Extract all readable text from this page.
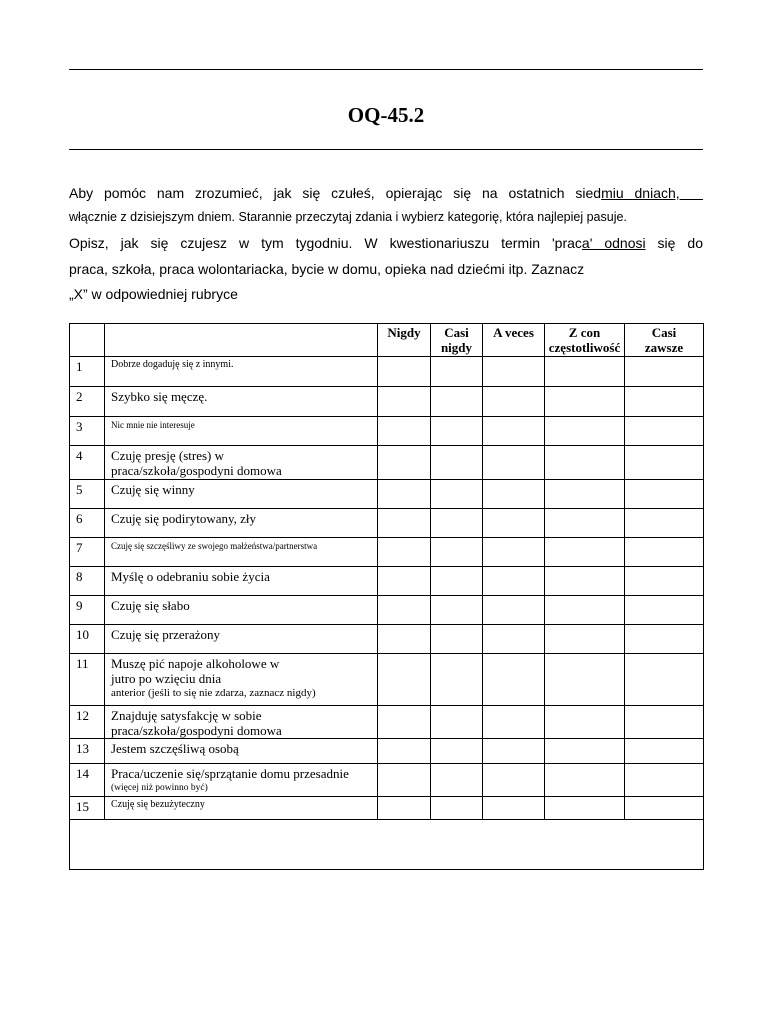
OQ-45.2

Aby pomóc nam zrozumieć, jak się czułeś, opierając się na ostatnich siedmiu dniach,

włącznie z dzisiejszym dniem. Starannie przeczytaj zdania i wybierz kategorię, która najlepiej pasuje.

Opisz, jak się czujesz w tym tygodniu. W kwestionariuszu termin 'praca' odnosi się do

praca, szkoła, praca wolontariacka, bycie w domu, opieka nad dziećmi itp. Zaznacz

„X” w odpowiedniej rubryce

		Nigdy	Casi nigdy	A veces	Z con częstotliwość	Casi zawsze
1	Dobrze dogaduję się z innymi.					
2	Szybko się męczę.					
3	Nic mnie nie interesuje					
4	Czuję presję (stres) w
praca/szkoła/gospodyni domowa					

5	Czuję się winny					
6	Czuję się podirytowany, zły					
7	Czuję się szczęśliwy ze swojego małżeństwa/partnerstwa					
8	Myślę o odebraniu sobie życia					
9	Czuję się słabo					
10	Czuję się przerażony					
11	Muszę pić napoje alkoholowe w
jutro po wzięciu dnia
anterior (jeśli to się nie zdarza, zaznacz nigdy)					

12	Znajduję satysfakcję w sobie
praca/szkoła/gospodyni domowa					

13	Jestem szczęśliwą osobą					
14	Praca/uczenie się/sprzątanie domu przesadnie
(więcej niż powinno być)					

15	Czuję się bezużyteczny					
